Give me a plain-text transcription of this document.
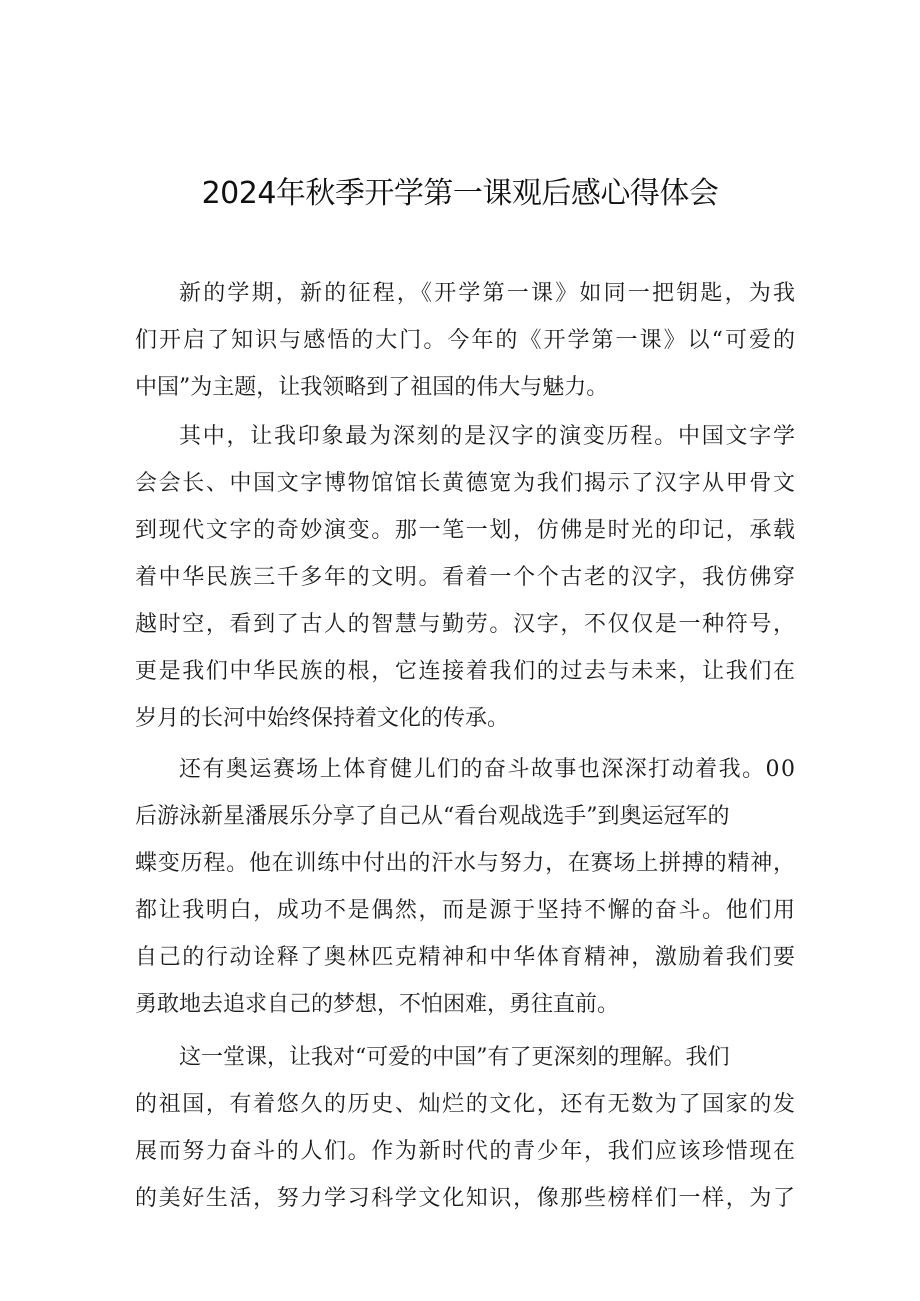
2024年秋季开学第一课观后感心得体会
新的学期，新的征程，《开学第一课》如同一把钥匙，为我
们开启了知识与感悟的大门。今年的《开学第一课》以“可爱的
中国”为主题，让我领略到了祖国的伟大与魅力。
其中，让我印象最为深刻的是汉字的演变历程。中国文字学
会会长、中国文字博物馆馆长黄德宽为我们揭示了汉字从甲骨文
到现代文字的奇妙演变。那一笔一划，仿佛是时光的印记，承载
着中华民族三千多年的文明。看着一个个古老的汉字，我仿佛穿
越时空，看到了古人的智慧与勤劳。汉字，不仅仅是一种符号，
更是我们中华民族的根，它连接着我们的过去与未来，让我们在
岁月的长河中始终保持着文化的传承。
还有奥运赛场上体育健儿们的奋斗故事也深深打动着我。00
后游泳新星潘展乐分享了自己从“看台观战选手”到奥运冠军的
蝶变历程。他在训练中付出的汗水与努力，在赛场上拼搏的精神，
都让我明白，成功不是偶然，而是源于坚持不懈的奋斗。他们用
自己的行动诠释了奥林匹克精神和中华体育精神，激励着我们要
勇敢地去追求自己的梦想，不怕困难，勇往直前。
这一堂课，让我对“可爱的中国”有了更深刻的理解。我们
的祖国，有着悠久的历史、灿烂的文化，还有无数为了国家的发
展而努力奋斗的人们。作为新时代的青少年，我们应该珍惜现在
的美好生活，努力学习科学文化知识，像那些榜样们一样，为了
